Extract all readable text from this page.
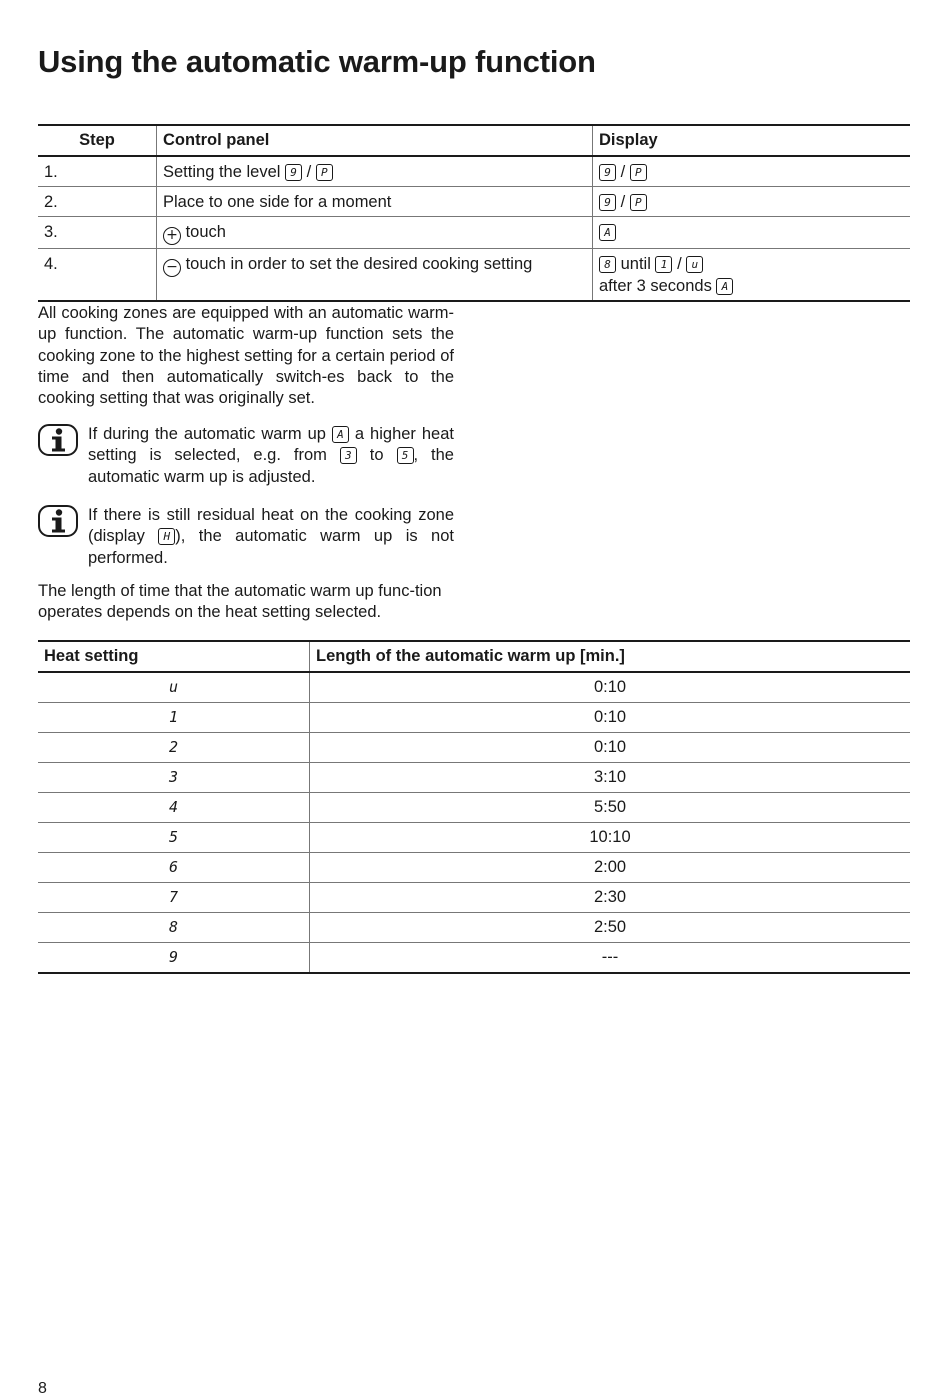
Using the automatic warm-up function
Step	Control panel	Display
1.	Setting the level 9 / P	9 / P
2.	Place to one side for a moment	9 / P
3.	+ touch	A
4.	− touch in order to set the desired cooking setting	8 until 1 / u
after 3 seconds A

All cooking zones are equipped with an automatic warm-up function. The automatic warm-up function sets the cooking zone to the highest setting for a certain period of time and then automatically switch-es back to the cooking setting that was originally set.

If during the automatic warm up A a higher heat setting is selected, e.g. from 3 to 5 , the automatic warm up is adjusted.
If there is still residual heat on the cooking zone (display H ), the automatic warm up is not performed.

The length of time that the automatic warm up func-tion operates depends on the heat setting selected.

Heat setting	Length of the automatic warm up [min.]
u	0:10
1	0:10
2	0:10
3	3:10
4	5:50
5	10:10
6	2:00
7	2:30
8	2:50
9	---
8
